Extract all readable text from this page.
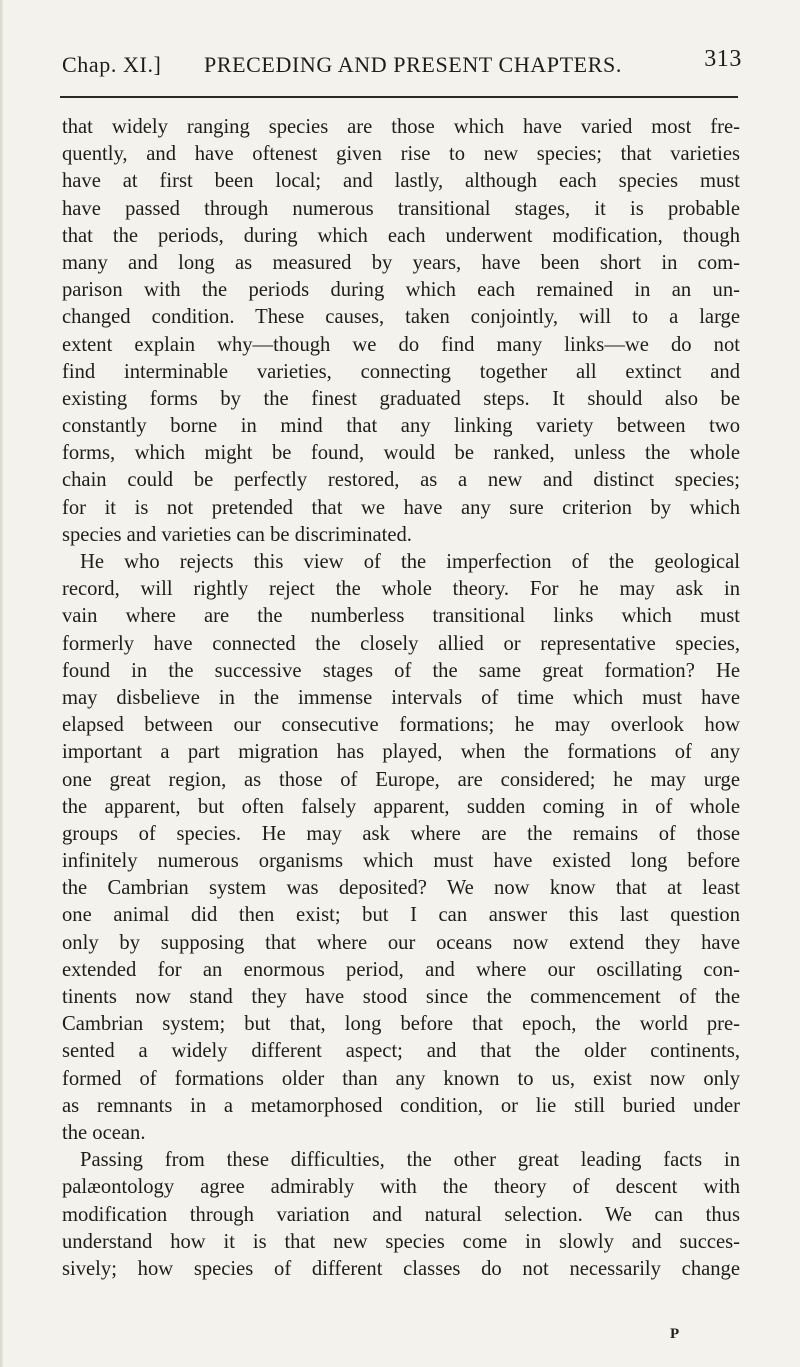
Chap. XI.] PRECEDING AND PRESENT CHAPTERS.	313
that widely ranging species are those which have varied most fre-
quently, and have oftenest given rise to new species; that varieties
have at first been local; and lastly, although each species must
have passed through numerous transitional stages, it is probable
that the periods, during which each underwent modification, though
many and long as measured by years, have been short in com-
parison with the periods during which each remained in an un-
changed condition. These causes, taken conjointly, will to a large
extent explain why—though we do find many links—we do not
find interminable varieties, connecting together all extinct and
existing forms by the finest graduated steps. It should also be
constantly borne in mind that any linking variety between two
forms, which might be found, would be ranked, unless the whole
chain could be perfectly restored, as a new and distinct species;
for it is not pretended that we have any sure criterion by which
species and varieties can be discriminated.
He who rejects this view of the imperfection of the geological
record, will rightly reject the whole theory. For he may ask in
vain where are the numberless transitional links which must
formerly have connected the closely allied or representative species,
found in the successive stages of the same great formation? He
may disbelieve in the immense intervals of time which must have
elapsed between our consecutive formations; he may overlook how
important a part migration has played, when the formations of any
one great region, as those of Europe, are considered; he may urge
the apparent, but often falsely apparent, sudden coming in of whole
groups of species. He may ask where are the remains of those
infinitely numerous organisms which must have existed long before
the Cambrian system was deposited? We now know that at least
one animal did then exist; but I can answer this last question
only by supposing that where our oceans now extend they have
extended for an enormous period, and where our oscillating con-
tinents now stand they have stood since the commencement of the
Cambrian system; but that, long before that epoch, the world pre-
sented a widely different aspect; and that the older continents,
formed of formations older than any known to us, exist now only
as remnants in a metamorphosed condition, or lie still buried under
the ocean.
Passing from these difficulties, the other great leading facts in
palæontology agree admirably with the theory of descent with
modification through variation and natural selection. We can thus
understand how it is that new species come in slowly and succes-
sively; how species of different classes do not necessarily change
P
